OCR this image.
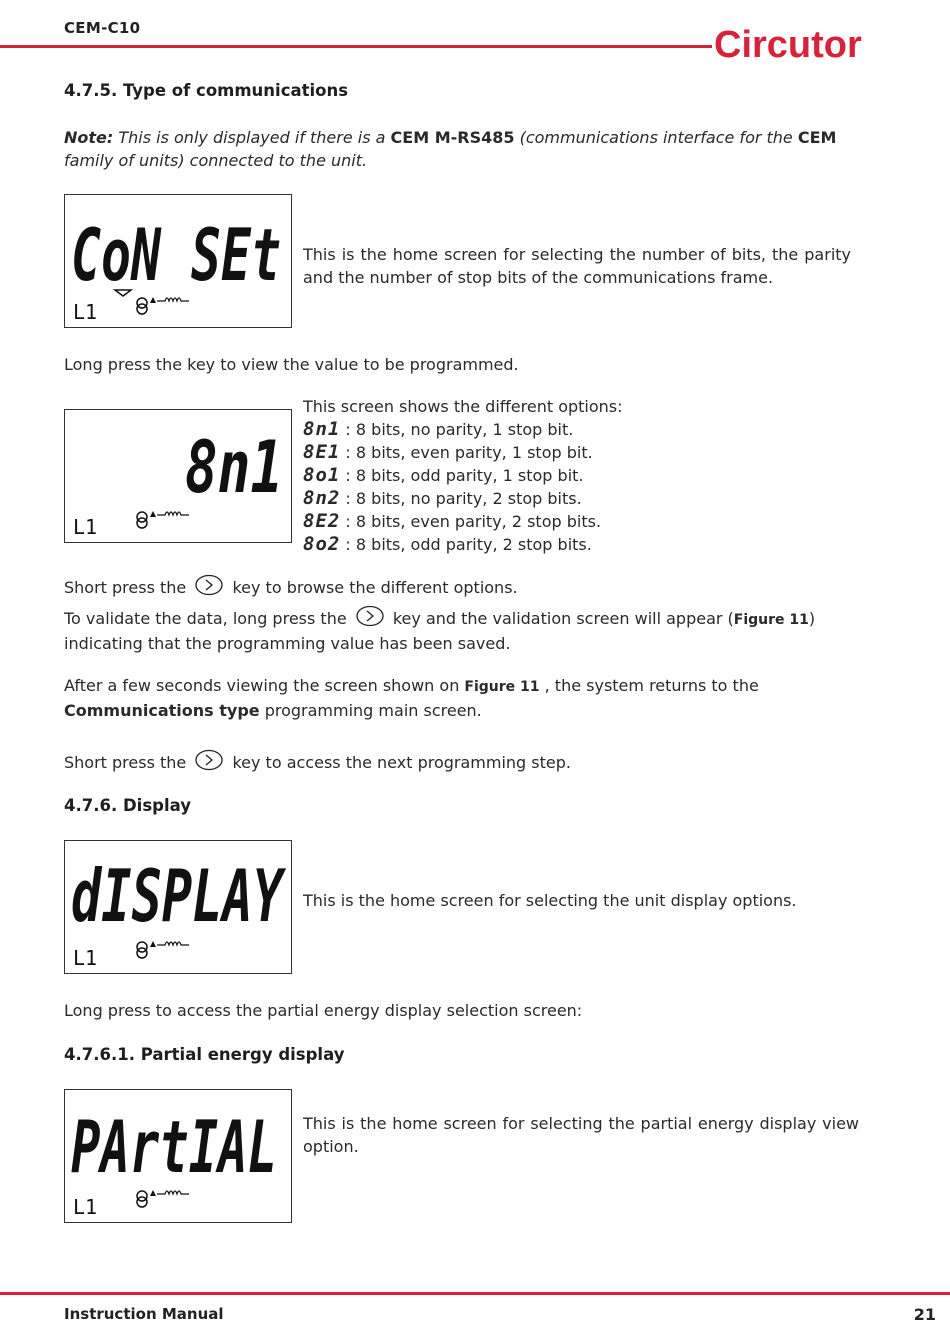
CEM-C10	Circutor
4.7.5. Type of communications
Note: This is only displayed if there is a CEM M-RS485 (communications interface for the CEM family of units) connected to the unit.
CoN SEt
L1
This is the home screen for selecting the number of bits, the parity and the number of stop bits of the communications frame.
Long press the key to view the value to be programmed.
8n1
L1
This screen shows the different options:
8n1 : 8 bits, no parity, 1 stop bit.
8E1 : 8 bits, even parity, 1 stop bit.
8o1 : 8 bits, odd parity, 1 stop bit.
8n2 : 8 bits, no parity, 2 stop bits.
8E2 : 8 bits, even parity, 2 stop bits.
8o2 : 8 bits, odd parity, 2 stop bits.
Short press the	key to browse the different options.
To validate the data, long press the	key and the validation screen will appear (Figure 11) indicating that the programming value has been saved.
After a few seconds viewing the screen shown on Figure 11 , the system returns to the Communications type programming main screen.
Short press the	key to access the next programming step.
4.7.6. Display
dISPLAY
L1
This is the home screen for selecting the unit display options.
Long press to access the partial energy display selection screen:
4.7.6.1. Partial energy display
PArtIAL
L1
This is the home screen for selecting the partial energy display view option.
Instruction Manual	21
